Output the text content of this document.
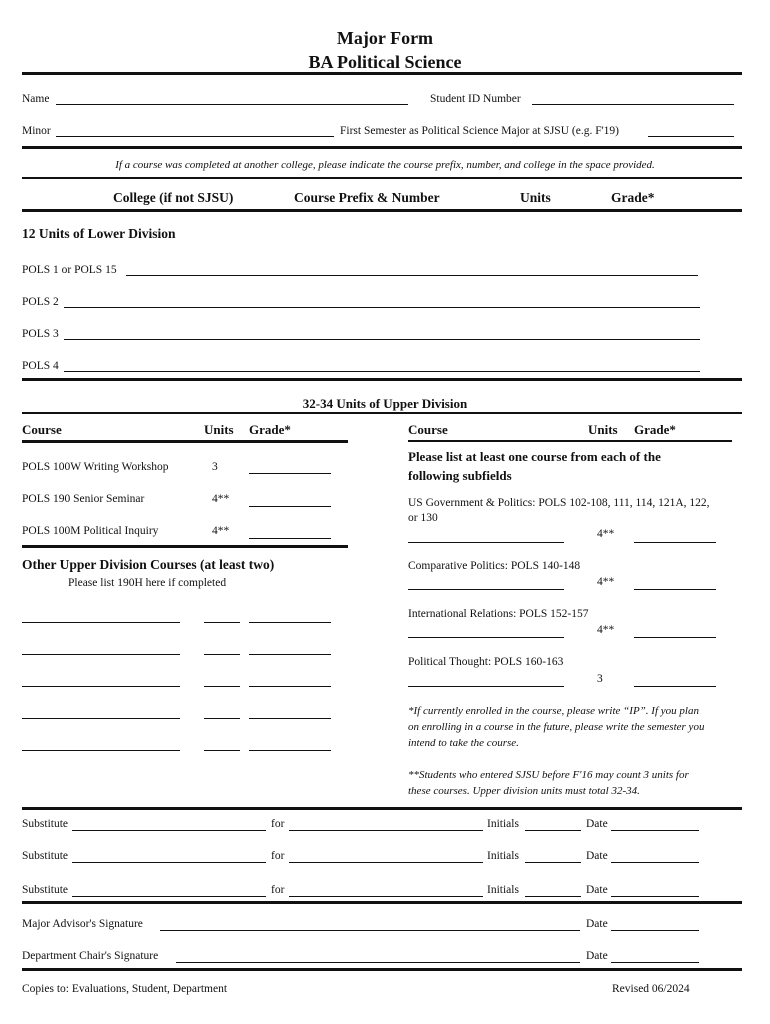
Major Form
BA Political Science
Name	Student ID Number
Minor	First Semester as Political Science Major at SJSU (e.g. F'19)
If a course was completed at another college, please indicate the course prefix, number, and college in the space provided.
College (if not SJSU)	Course Prefix & Number	Units	Grade*
12 Units of Lower Division
POLS 1 or POLS 15
POLS 2
POLS 3
POLS 4
32-34 Units of Upper Division
Course	Units Grade*	Course	Units Grade*
POLS 100W Writing Workshop	3
POLS 190 Senior Seminar	4**
POLS 100M Political Inquiry	4**
Other Upper Division Courses (at least two)
Please list 190H here if completed
Please list at least one course from each of the
following subfields
US Government & Politics: POLS 102-108, 111, 114, 121A, 122,
or 130
4**
Comparative Politics: POLS 140-148
4**
International Relations: POLS 152-157
4**
Political Thought: POLS 160-163
3
*If currently enrolled in the course, please write “IP”. If you plan
on enrolling in a course in the future, please write the semester you
intend to take the course.
**Students who entered SJSU before F'16 may count 3 units for
these courses. Upper division units must total 32-34.
Substitute	for	Initials	Date
Substitute	for	Initials	Date
Substitute	for	Initials	Date
Major Advisor's Signature	Date
Department Chair's Signature	Date
Copies to: Evaluations, Student, Department	Revised 06/2024
